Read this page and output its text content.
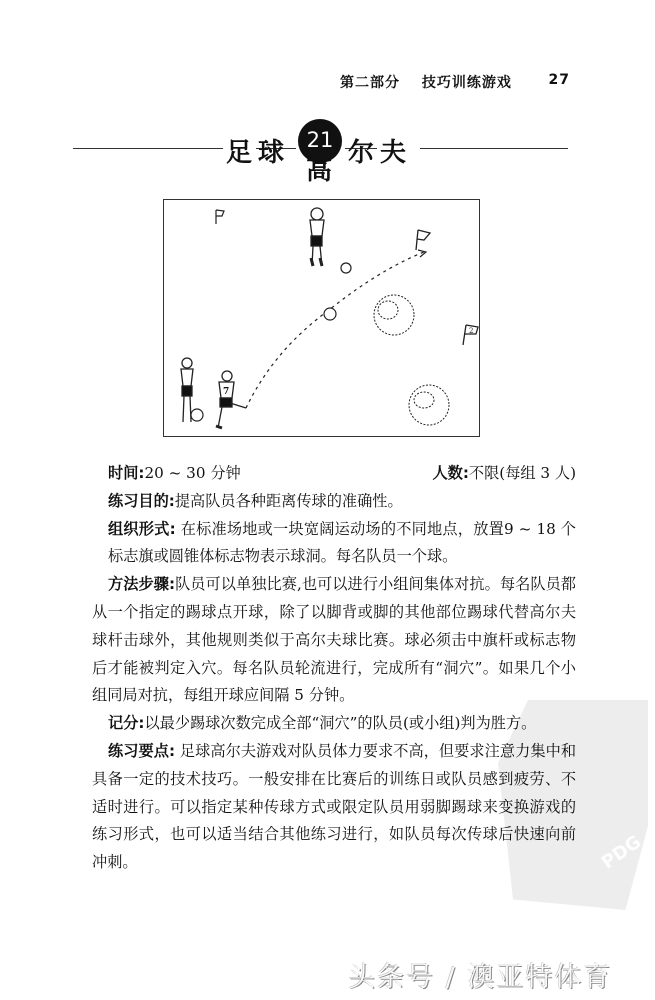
第二部分 技巧训练游戏	27
足球 21
高
尔夫
2
7
时间:20 ~ 30 分钟	人数:不限(每组 3 人)

练习目的:提高队员各种距离传球的准确性。

组织形式: 在标准场地或一块宽阔运动场的不同地点，放置9 ~ 18 个标志旗或圆锥体标志物表示球洞。每名队员一个球。

方法步骤:队员可以单独比赛,也可以进行小组间集体对抗。每名队员都从一个指定的踢球点开球，除了以脚背或脚的其他部位踢球代替高尔夫球杆击球外，其他规则类似于高尔夫球比赛。球必须击中旗杆或标志物后才能被判定入穴。每名队员轮流进行，完成所有“洞穴”。如果几个小组同局对抗，每组开球应间隔 5 分钟。

记分:以最少踢球次数完成全部“洞穴”的队员(或小组)判为胜方。

练习要点: 足球高尔夫游戏对队员体力要求不高，但要求注意力集中和具备一定的技术技巧。一般安排在比赛后的训练日或队员感到疲劳、不适时进行。可以指定某种传球方式或限定队员用弱脚踢球来变换游戏的练习形式，也可以适当结合其他练习进行，如队员每次传球后快速向前冲刺。	PDG
头条号 / 澳亚特体育
